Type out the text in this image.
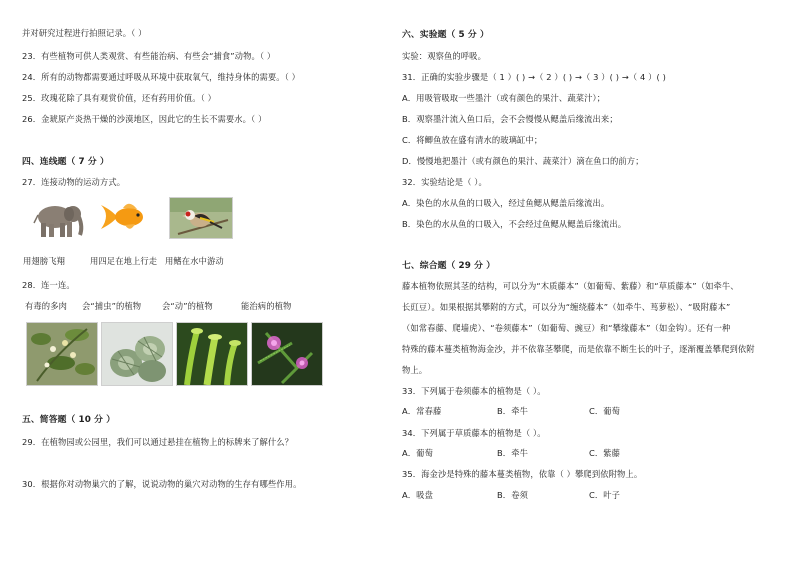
并对研究过程进行拍照记录。（ ）
23．有些植物可供人类观赏、有些能治病、有些会“捕食”动物。（ ）
24．所有的动物都需要通过呼吸从环境中获取氧气，维持身体的需要。（ ）
25．玫瑰花除了具有观赏价值，还有药用价值。（ ）
26．金琥原产炎热干燥的沙漠地区，因此它的生长不需要水。（ ）
四、连线题（ 7 分 ）
27．连接动物的运动方式。
用翅膀飞翔	用四足在地上行走 用鳍在水中游动
28．连一连。
有毒的多肉 会“捕虫”的植物	会“动”的植物	能治病的植物
五、简答题（ 10 分 ）
29．在植物园或公园里，我们可以通过悬挂在植物上的标牌来了解什么？
30．根据你对动物巢穴的了解，说说动物的巢穴对动物的生存有哪些作用。
六、实验题（ 5 分 ）
实验：观察鱼的呼吸。
31．正确的实验步骤是（ 1 ）( ) →（ 2 ）( ) →（ 3 ）( ) →（ 4 ）( )
A．用吸管吸取一些墨汁（或有颜色的果汁、蔬菜汁）；
B．观察墨汁流入鱼口后，会不会慢慢从鳃盖后缘流出来；
C．将鲫鱼放在盛有清水的玻璃缸中；
D．慢慢地把墨汁（或有颜色的果汁、蔬菜汁）滴在鱼口的前方；
32．实验结论是（ ）。
A．染色的水从鱼的口吸入，经过鱼鳃从鳃盖后缘流出。
B．染色的水从鱼的口吸入，不会经过鱼鳃从鳃盖后缘流出。
七、综合题（ 29 分 ）
藤本植物依照其茎的结构，可以分为“木质藤本”（如葡萄、紫藤）和“草质藤本”（如牵牛、
长豇豆）。如果根据其攀附的方式，可以分为“缠绕藤本”（如牵牛、茑萝松）、“吸附藤本”
（如常春藤、爬墙虎）、“卷须藤本”（如葡萄、豌豆）和“攀缘藤本”（如金钩）。还有一种
特殊的藤本蔓类植物海金沙，并不依靠茎攀爬，而是依靠不断生长的叶子，逐渐覆盖攀爬到依附
物上。
33．下列属于卷须藤本的植物是（ ）。
A．常春藤	B．牵牛	C．葡萄
34．下列属于草质藤本的植物是（ ）。
A．葡萄	B．牵牛	C．紫藤
35．海金沙是特殊的藤本蔓类植物，依靠（ ）攀爬到依附物上。
A．吸盘	B．卷须	C．叶子
